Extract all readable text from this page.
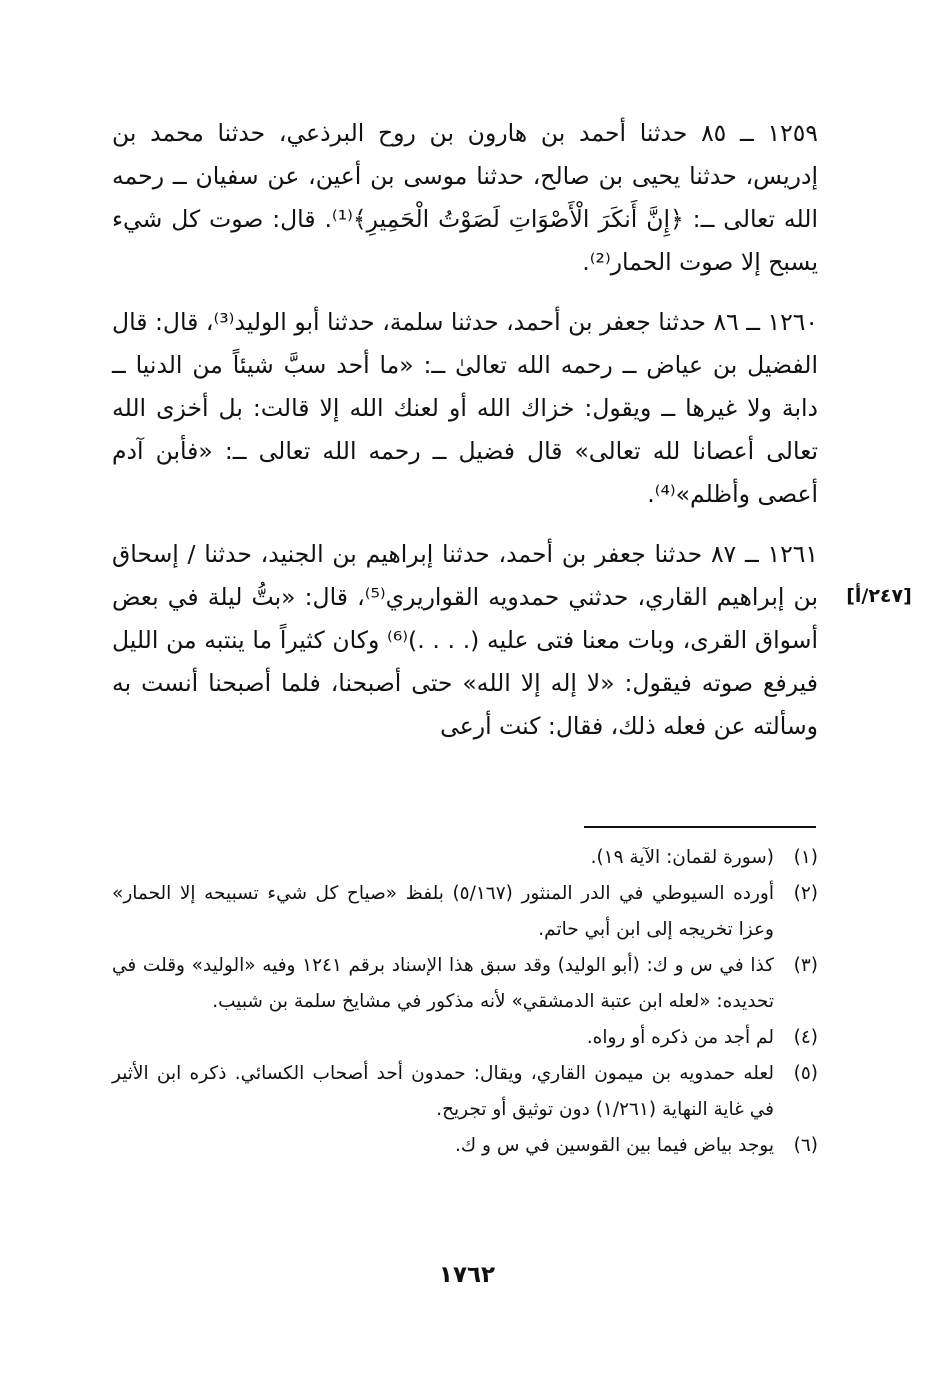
١٢٥٩ ــ ٨٥ حدثنا أحمد بن هارون بن روح البرذعي، حدثنا محمد بن إدريس، حدثنا يحيى بن صالح، حدثنا موسى بن أعين، عن سفيان ــ رحمه الله تعالى ــ: ﴿إِنَّ أَنكَرَ الْأَصْوَاتِ لَصَوْتُ الْحَمِيرِ﴾⁽¹⁾. قال: صوت كل شيء يسبح إلا صوت الحمار⁽²⁾.

١٢٦٠ ــ ٨٦ حدثنا جعفر بن أحمد، حدثنا سلمة، حدثنا أبو الوليد⁽³⁾، قال: قال الفضيل بن عياض ــ رحمه الله تعالىٰ ــ: «ما أحد سبَّ شيئاً من الدنيا ــ دابة ولا غيرها ــ ويقول: خزاك الله أو لعنك الله إلا قالت: بل أخزى الله تعالى أعصانا لله تعالى» قال فضيل ــ رحمه الله تعالى ــ: «فأبن آدم أعصى وأظلم»⁽⁴⁾.

١٢٦١ ــ ٨٧ حدثنا جعفر بن أحمد، حدثنا إبراهيم بن الجنيد، حدثنا / إسحاق بن إبراهيم القاري، حدثني حمدويه القواريري⁽⁵⁾، قال: «بتُّ ليلة في بعض أسواق القرى، وبات معنا فتى عليه (. . . .)⁽⁶⁾ وكان كثيراً ما ينتبه من الليل فيرفع صوته فيقول: «لا إله إلا الله» حتى أصبحنا، فلما أصبحنا أنست به وسألته عن فعله ذلك، فقال: كنت أرعى

[٢٤٧/أ]
(١)
(سورة لقمان: الآية ١٩).
(٢)
أورده السيوطي في الدر المنثور (٥/١٦٧) بلفظ «صياح كل شيء تسبيحه إلا الحمار» وعزا تخريجه إلى ابن أبي حاتم.
(٣)
كذا في س و ك: (أبو الوليد) وقد سبق هذا الإسناد برقم ١٢٤١ وفيه «الوليد» وقلت في تحديده: «لعله ابن عتبة الدمشقي» لأنه مذكور في مشايخ سلمة بن شبيب.
(٤)
لم أجد من ذكره أو رواه.
(٥)
لعله حمدويه بن ميمون القاري، ويقال: حمدون أحد أصحاب الكسائي. ذكره ابن الأثير في غاية النهاية (١/٢٦١) دون توثيق أو تجريح.
(٦)
يوجد بياض فيما بين القوسين في س و ك.
١٧٦٢
